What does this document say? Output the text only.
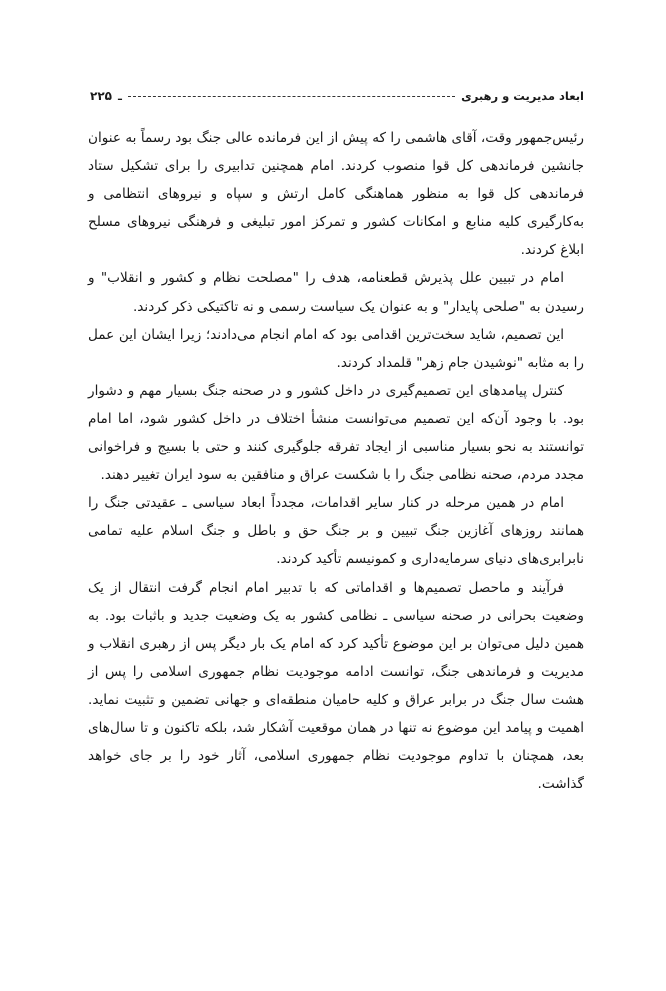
ابعاد مدیریت و رهبری
ـ
۲۲۵

رئیس‌جمهور وقت، آقای هاشمی را که پیش از این فرمانده عالی جنگ بود رسماً به عنوان جانشین فرماندهی کل قوا منصوب کردند. امام همچنین تدابیری را برای تشکیل ستاد فرماندهی کل قوا به منظور هماهنگی کامل ارتش و سپاه و نیروهای انتظامی و به‌کارگیری کلیه منابع و امکانات کشور و تمرکز امور تبلیغی و فرهنگی نیروهای مسلح ابلاغ کردند.

امام در تبیین علل پذیرش قطعنامه، هدف را "مصلحت نظام و کشور و انقلاب" و رسیدن به "صلحی پایدار" و به عنوان یک سیاست رسمی و نه تاکتیکی ذکر کردند.

این تصمیم، شاید سخت‌ترین اقدامی بود که امام انجام می‌دادند؛ زیرا ایشان این عمل را به مثابه "نوشیدن جام زهر" قلمداد کردند.

کنترل پیامدهای این تصمیم‌گیری در داخل کشور و در صحنه جنگ بسیار مهم و دشوار بود. با وجود آن‌که این تصمیم می‌توانست منشأ اختلاف در داخل کشور شود، اما امام توانستند به نحو بسیار مناسبی از ایجاد تفرقه جلوگیری کنند و حتی با بسیج و فراخوانی مجدد مردم، صحنه نظامی جنگ را با شکست عراق و منافقین به سود ایران تغییر دهند.

امام در همین مرحله در کنار سایر اقدامات، مجدداً ابعاد سیاسی ـ عقیدتی جنگ را همانند روزهای آغازین جنگ تبیین و بر جنگ حق و باطل و جنگ اسلام علیه تمامی نابرابری‌های دنیای سرمایه‌داری و کمونیسم تأکید کردند.

فرآیند و ماحصل تصمیم‌ها و اقداماتی که با تدبیر امام انجام گرفت انتقال از یک وضعیت بحرانی در صحنه سیاسی ـ نظامی کشور به یک وضعیت جدید و باثبات بود. به همین دلیل می‌توان بر این موضوع تأکید کرد که امام یک بار دیگر پس از رهبری انقلاب و مدیریت و فرماندهی جنگ، توانست ادامه موجودیت نظام جمهوری اسلامی را پس از هشت سال جنگ در برابر عراق و کلیه حامیان منطقه‌ای و جهانی تضمین و تثبیت نماید. اهمیت و پیامد این موضوع نه تنها در همان موقعیت آشکار شد، بلکه تاکنون و تا سال‌های بعد، همچنان با تداوم موجودیت نظام جمهوری اسلامی، آثار خود را بر جای خواهد گذاشت.
